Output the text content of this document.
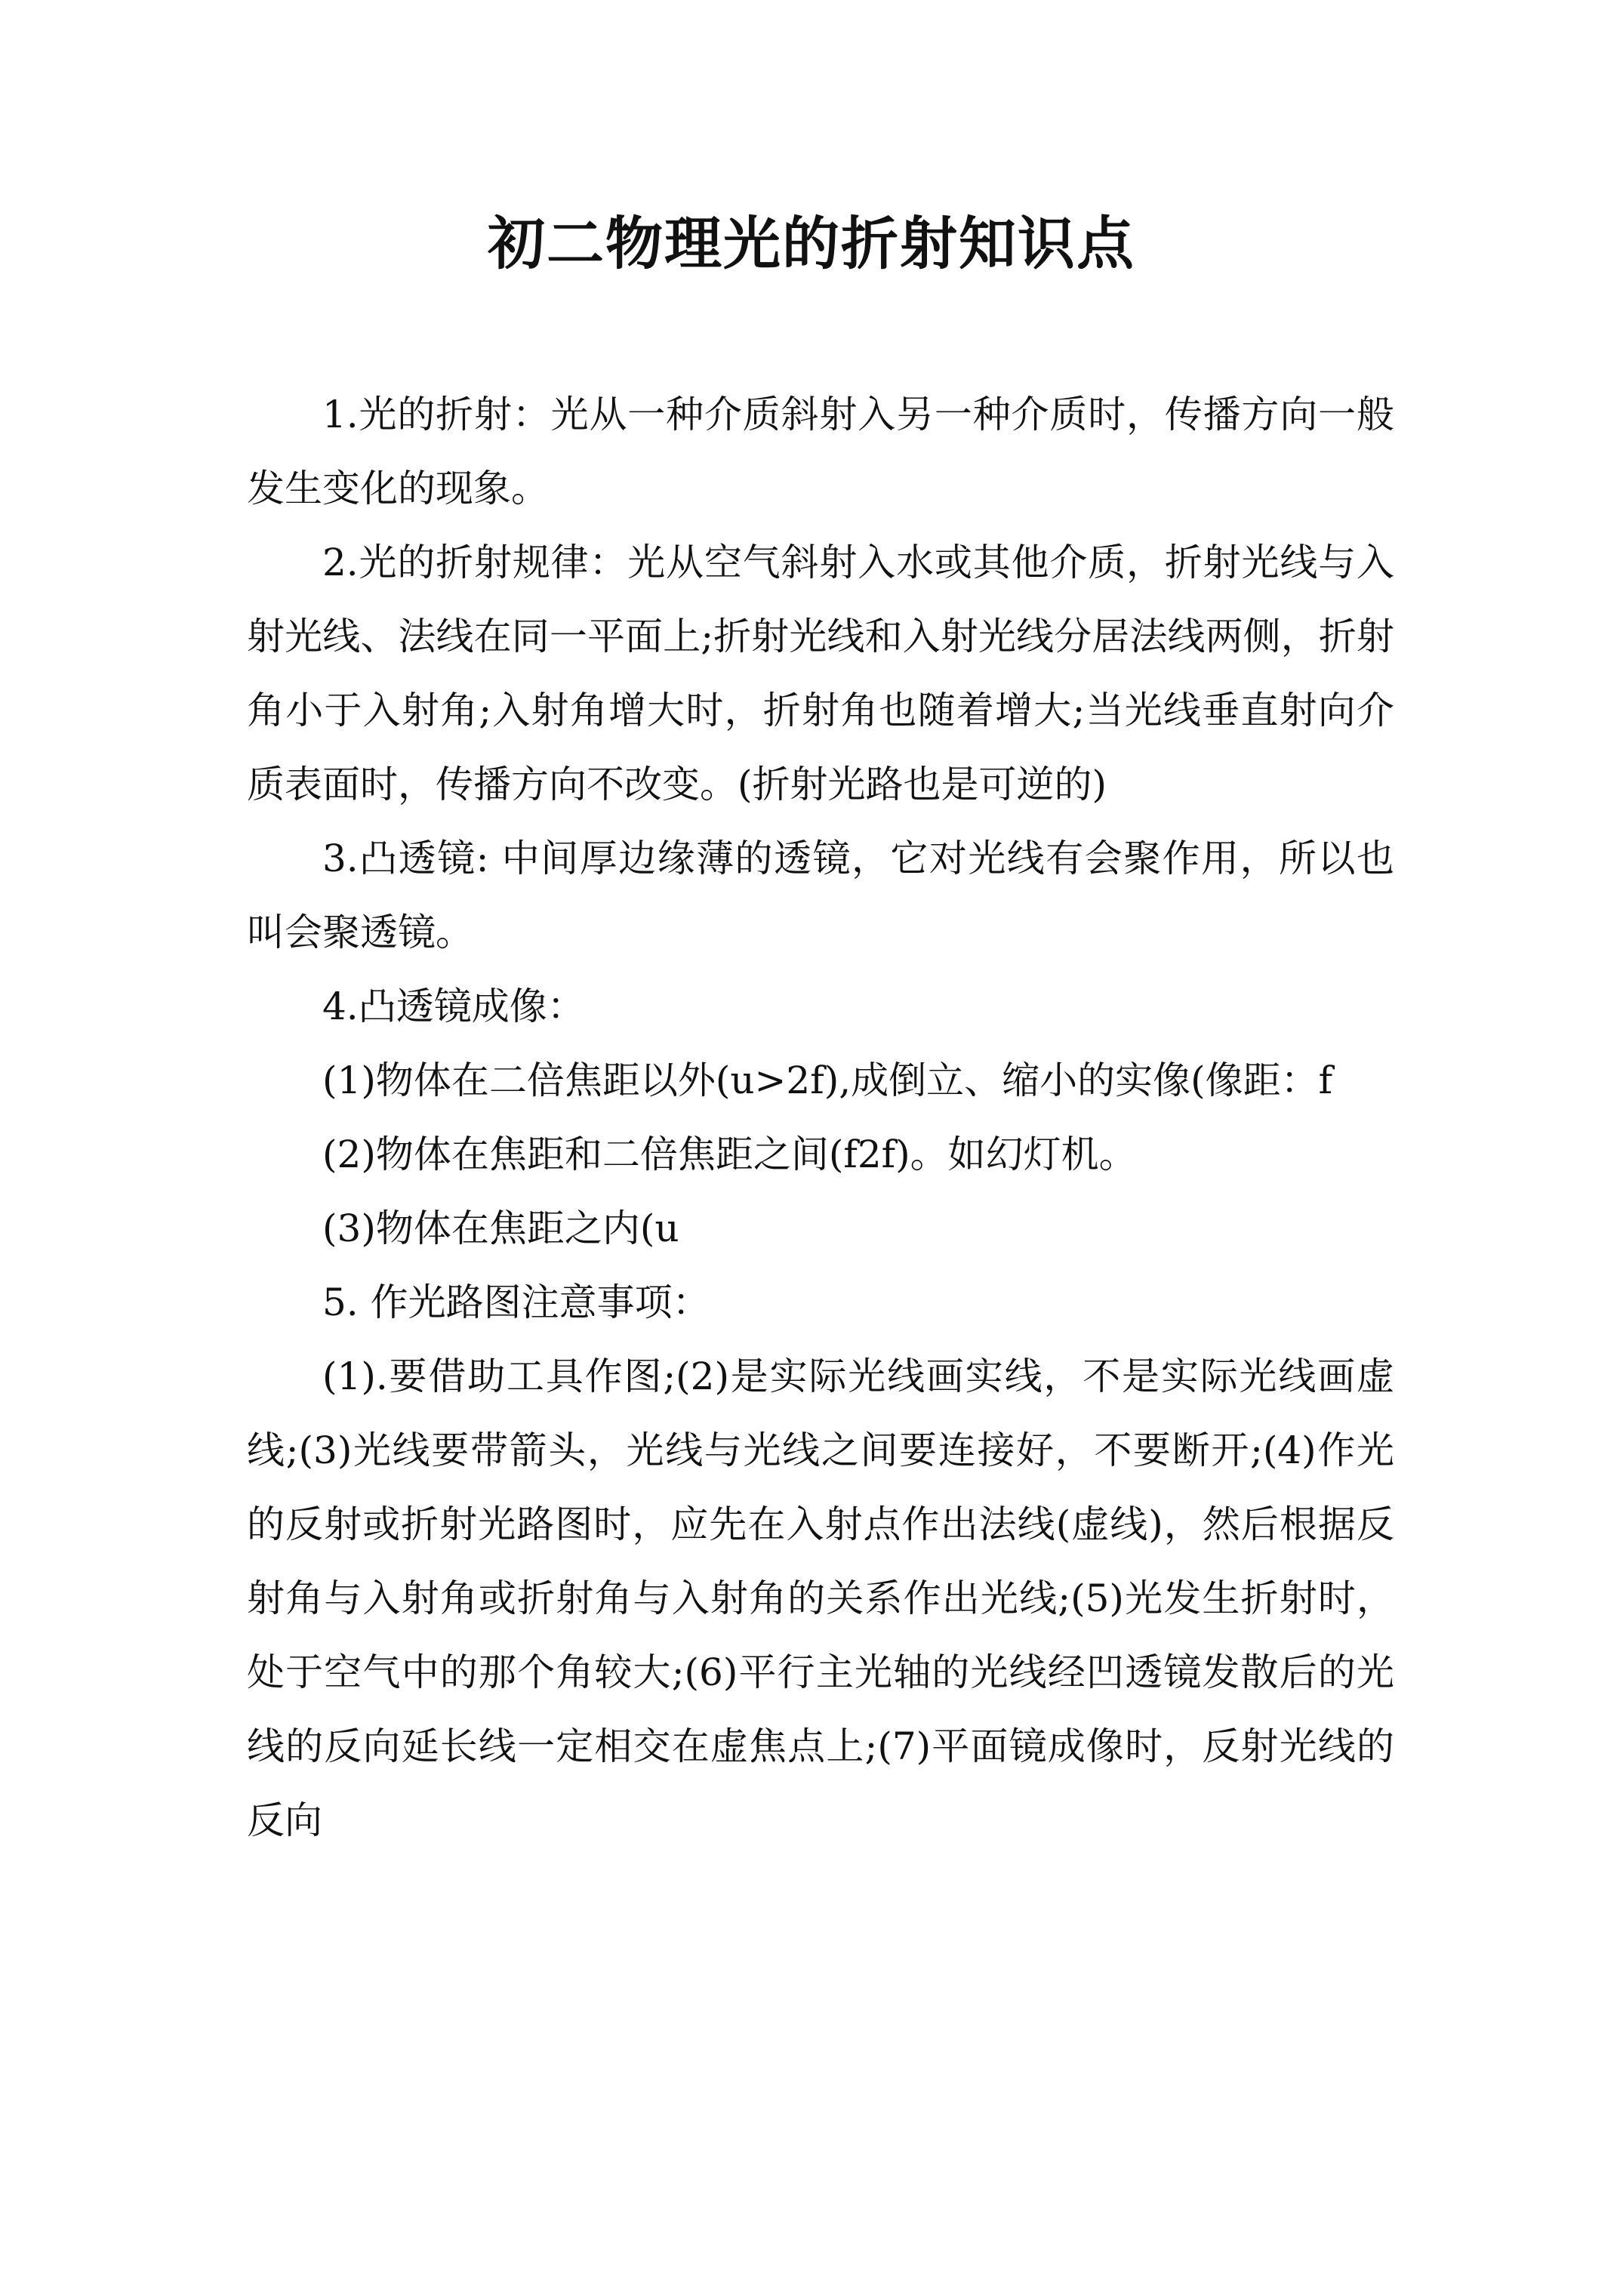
初二物理光的折射知识点

1.光的折射：光从一种介质斜射入另一种介质时，传播方向一般发生变化的现象。

2.光的折射规律：光从空气斜射入水或其他介质，折射光线与入射光线、法线在同一平面上;折射光线和入射光线分居法线两侧，折射角小于入射角;入射角增大时，折射角也随着增大;当光线垂直射向介质表面时，传播方向不改变。(折射光路也是可逆的)

3.凸透镜: 中间厚边缘薄的透镜，它对光线有会聚作用，所以也叫会聚透镜。

4.凸透镜成像：

(1)物体在二倍焦距以外(u>2f),成倒立、缩小的实像(像距：f

(2)物体在焦距和二倍焦距之间(f2f)。如幻灯机。

(3)物体在焦距之内(u

5. 作光路图注意事项：

(1).要借助工具作图;(2)是实际光线画实线，不是实际光线画虚线;(3)光线要带箭头，光线与光线之间要连接好，不要断开;(4)作光的反射或折射光路图时，应先在入射点作出法线(虚线)，然后根据反射角与入射角或折射角与入射角的关系作出光线;(5)光发生折射时，处于空气中的那个角较大;(6)平行主光轴的光线经凹透镜发散后的光线的反向延长线一定相交在虚焦点上;(7)平面镜成像时，反射光线的反向
